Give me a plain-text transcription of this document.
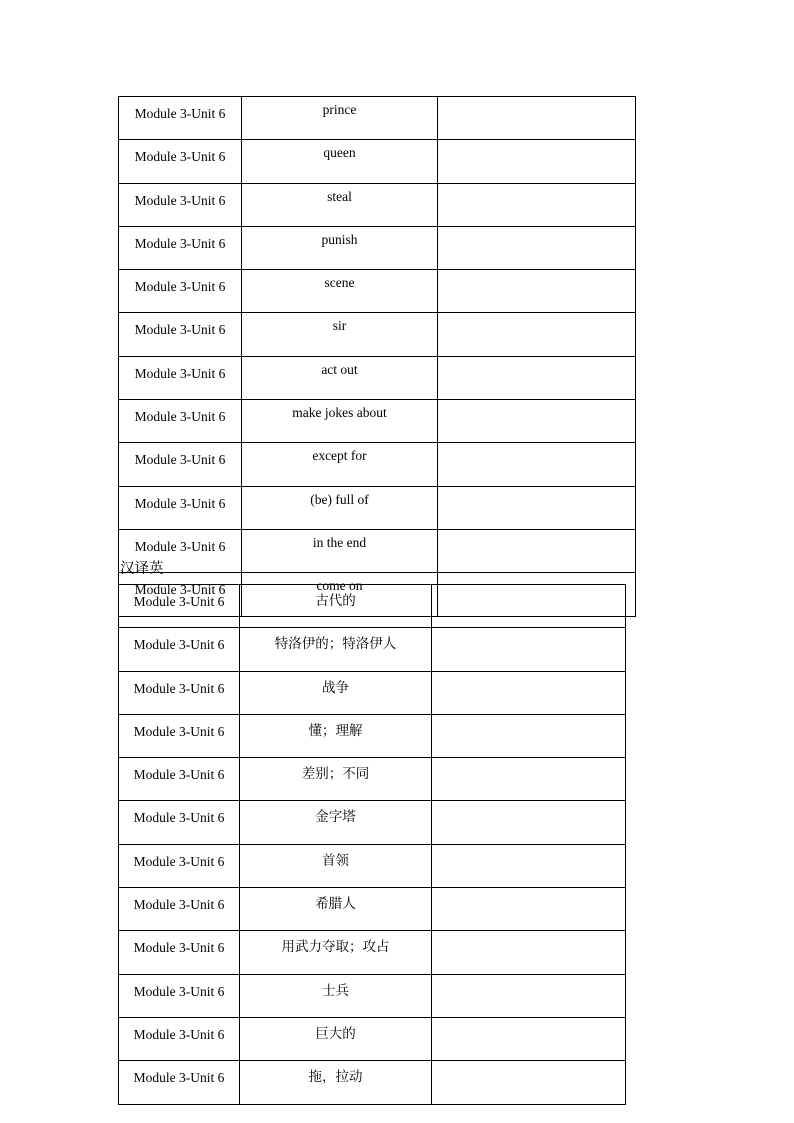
Module 3-Unit 6	prince	
Module 3-Unit 6	queen	
Module 3-Unit 6	steal	
Module 3-Unit 6	punish	
Module 3-Unit 6	scene	
Module 3-Unit 6	sir	
Module 3-Unit 6	act out	
Module 3-Unit 6	make jokes about	
Module 3-Unit 6	except for	
Module 3-Unit 6	(be) full of	
Module 3-Unit 6	in the end	
Module 3-Unit 6	come on	
汉译英
Module 3-Unit 6	古代的	
Module 3-Unit 6	特洛伊的；特洛伊人	
Module 3-Unit 6	战争	
Module 3-Unit 6	懂；理解	
Module 3-Unit 6	差别；不同	
Module 3-Unit 6	金字塔	
Module 3-Unit 6	首领	
Module 3-Unit 6	希腊人	
Module 3-Unit 6	用武力夺取；攻占	
Module 3-Unit 6	士兵	
Module 3-Unit 6	巨大的	
Module 3-Unit 6	拖，拉动	
